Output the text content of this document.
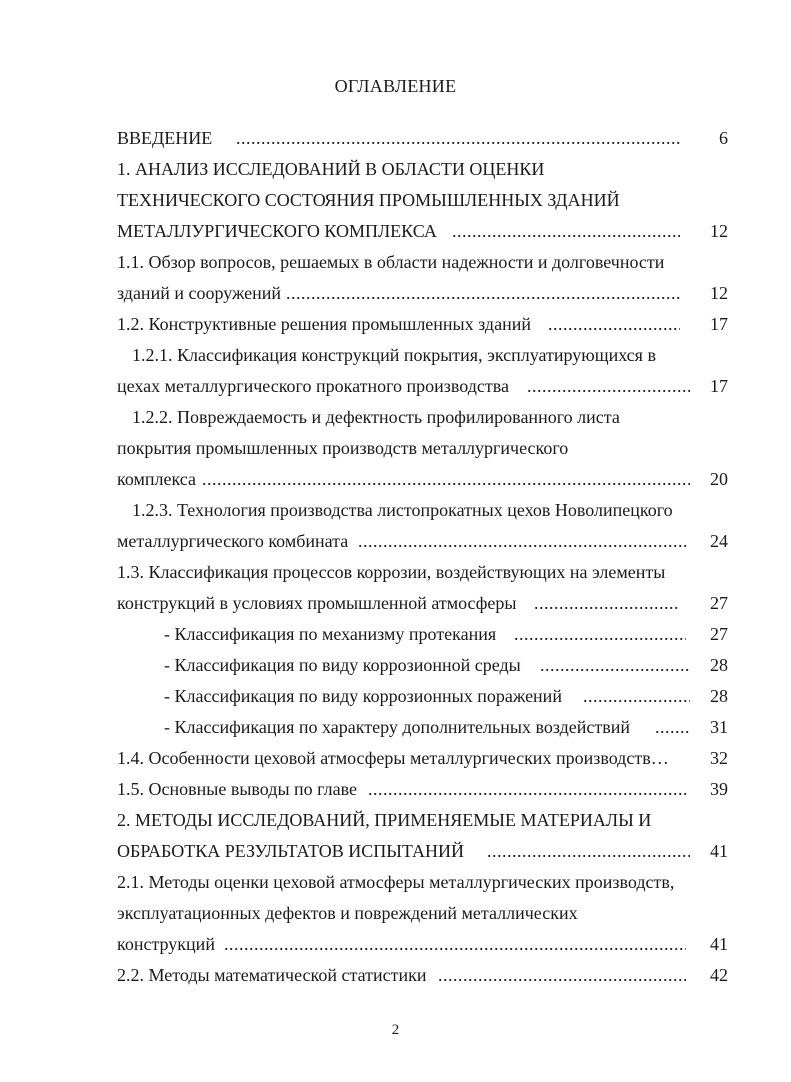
ОГЛАВЛЕНИЕ
ВВЕДЕНИЕ .....	6
1. АНАЛИЗ ИССЛЕДОВАНИЙ В ОБЛАСТИ ОЦЕНКИ
ТЕХНИЧЕСКОГО СОСТОЯНИЯ ПРОМЫШЛЕННЫХ ЗДАНИЙ
МЕТАЛЛУРГИЧЕСКОГО КОМПЛЕКСА .....	12
1.1. Обзор вопросов, решаемых в области надежности и долговечности
зданий и сооружений .....	12
1.2. Конструктивные решения промышленных зданий .....	17
1.2.1. Классификация конструкций покрытия, эксплуатирующихся в
цехах металлургического прокатного производства .....	17
1.2.2. Повреждаемость и дефектность профилированного листа
покрытия промышленных производств металлургического
комплекса .....	20
1.2.3. Технология производства листопрокатных цехов Новолипецкого
металлургического комбината .....	24
1.3. Классификация процессов коррозии, воздействующих на элементы
конструкций в условиях промышленной атмосферы .....	27
- Классификация по механизму протекания .....	27
- Классификация по виду коррозионной среды .....	28
- Классификация по виду коррозионных поражений .....	28
- Классификация по характеру дополнительных воздействий .....	31
1.4. Особенности цеховой атмосферы металлургических производств…	32
1.5. Основные выводы по главе .....	39
2. МЕТОДЫ ИССЛЕДОВАНИЙ, ПРИМЕНЯЕМЫЕ МАТЕРИАЛЫ И
ОБРАБОТКА РЕЗУЛЬТАТОВ ИСПЫТАНИЙ .....	41
2.1. Методы оценки цеховой атмосферы металлургических производств,
эксплуатационных дефектов и повреждений металлических
конструкций .....	41
2.2. Методы математической статистики .....	42
2
